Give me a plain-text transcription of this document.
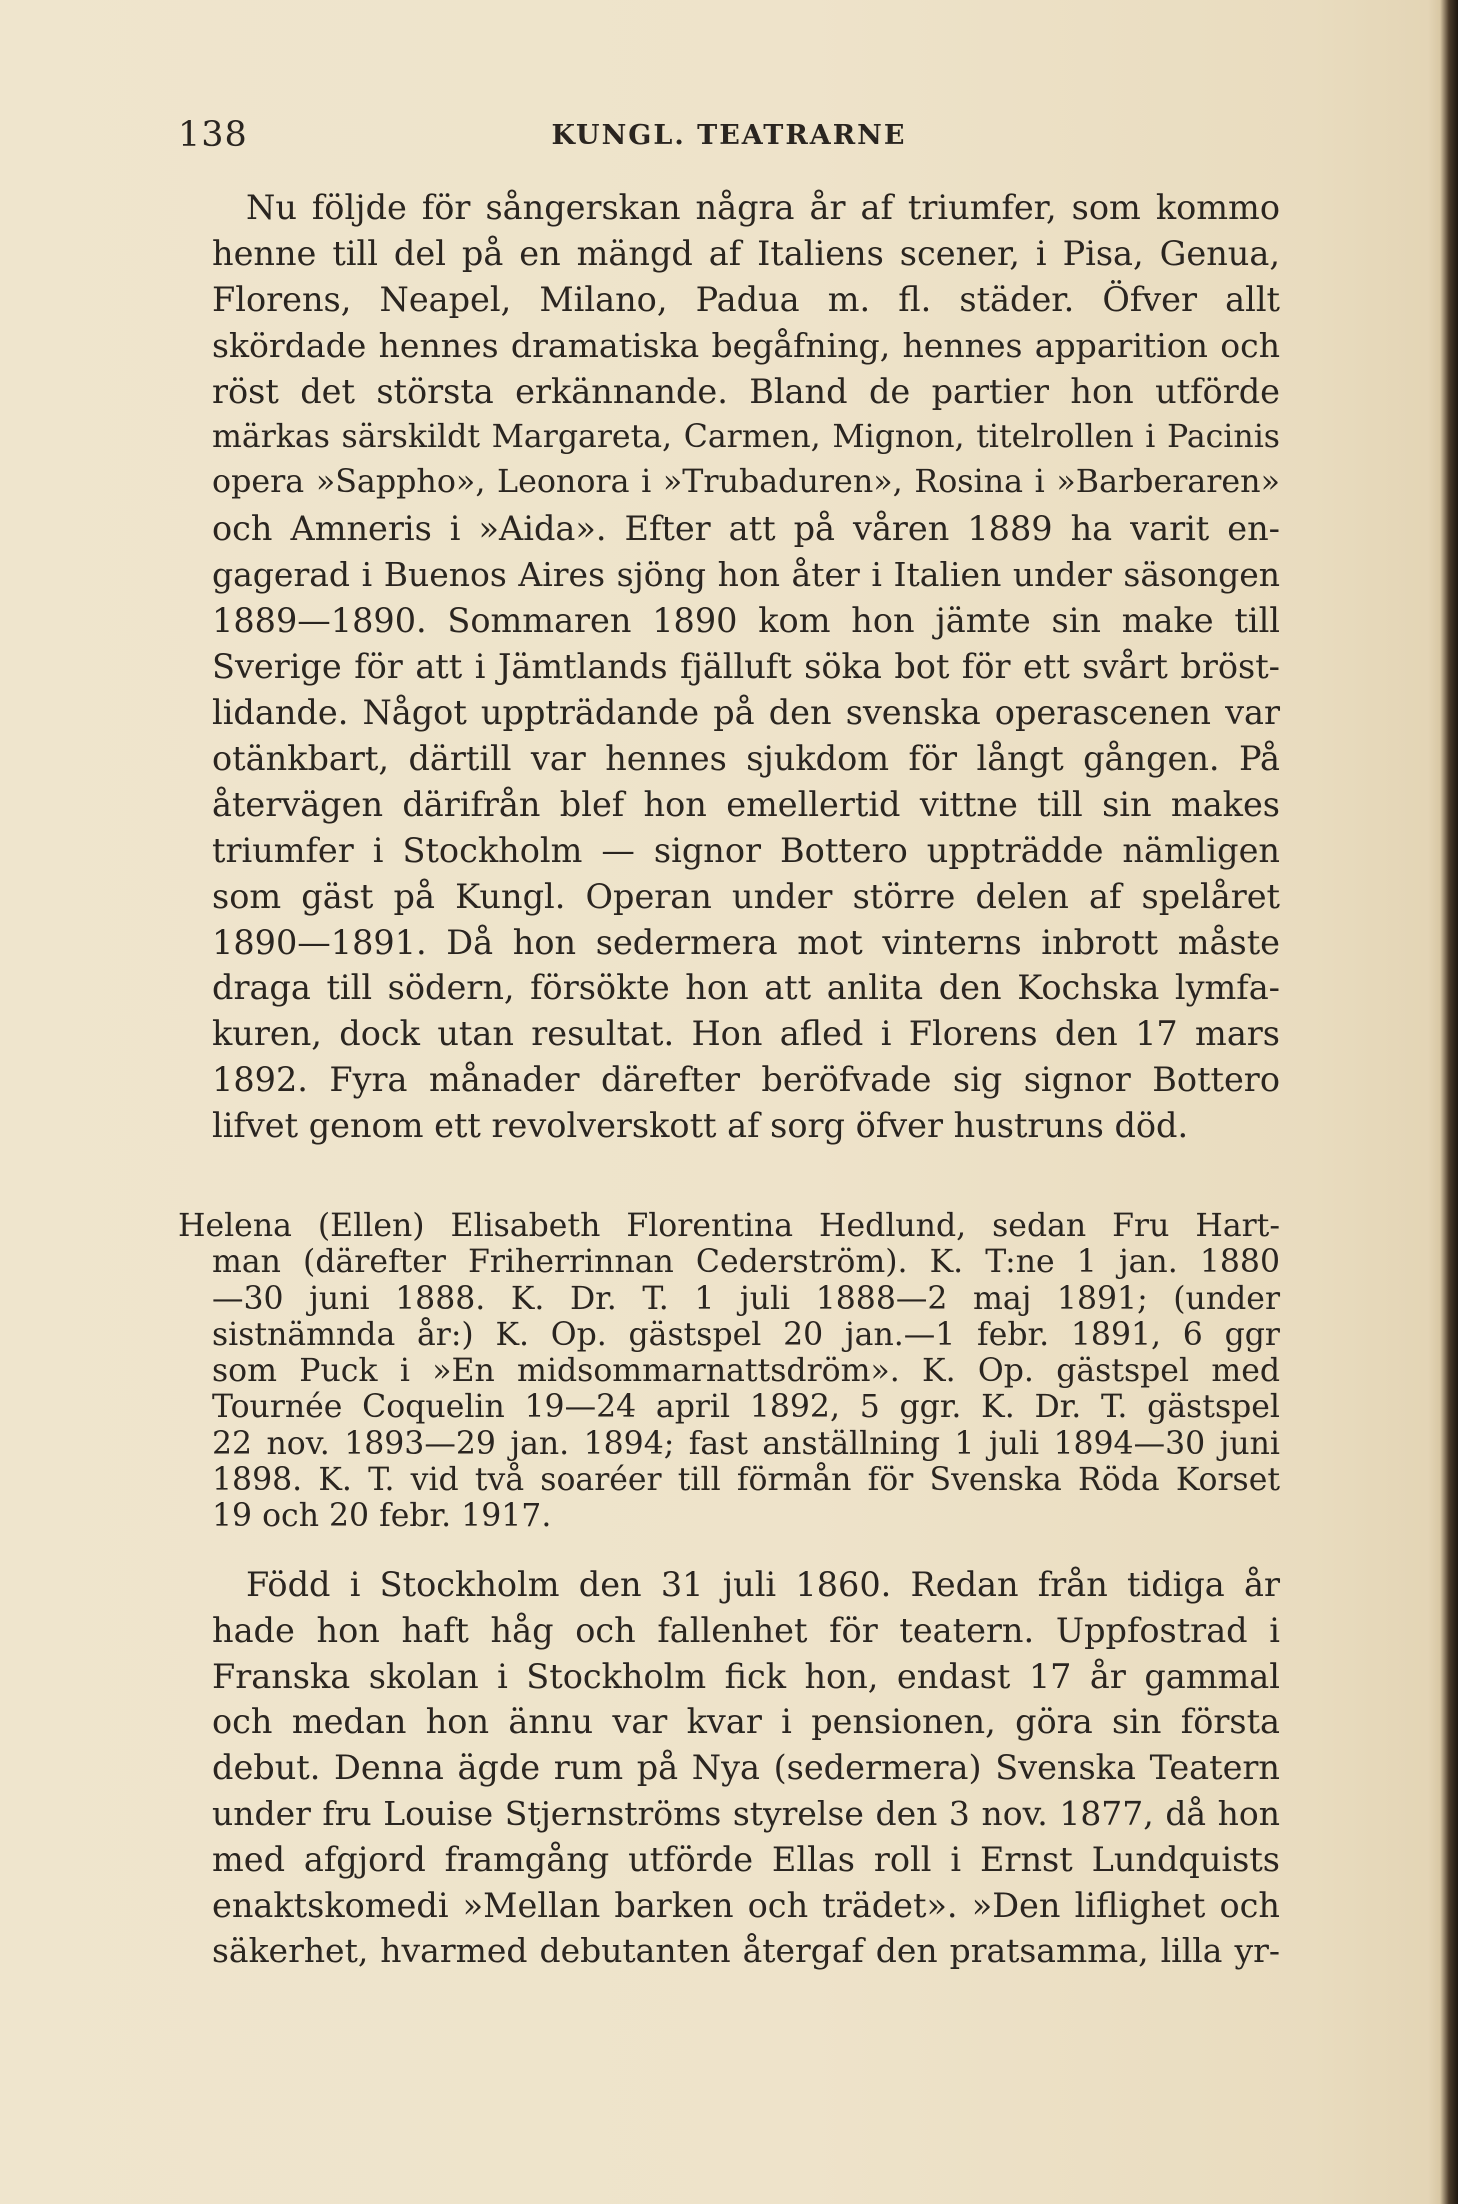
138	KUNGL. TEATRARNE
Nu följde för sångerskan några år af triumfer, som kommo
henne till del på en mängd af Italiens scener, i Pisa, Genua,
Florens, Neapel, Milano, Padua m. fl. städer. Öfver allt
skördade hennes dramatiska begåfning, hennes apparition och
röst det största erkännande. Bland de partier hon utförde
märkas särskildt Margareta, Carmen, Mignon, titelrollen i Pacinis
opera »Sappho», Leonora i »Trubaduren», Rosina i »Barberaren»
och Amneris i »Aida». Efter att på våren 1889 ha varit en-
gagerad i Buenos Aires sjöng hon åter i Italien under säsongen
1889—1890. Sommaren 1890 kom hon jämte sin make till
Sverige för att i Jämtlands fjälluft söka bot för ett svårt bröst-
lidande. Något uppträdande på den svenska operascenen var
otänkbart, därtill var hennes sjukdom för långt gången. På
återvägen därifrån blef hon emellertid vittne till sin makes
triumfer i Stockholm — signor Bottero uppträdde nämligen
som gäst på Kungl. Operan under större delen af spelåret
1890—1891. Då hon sedermera mot vinterns inbrott måste
draga till södern, försökte hon att anlita den Kochska lymfa-
kuren, dock utan resultat. Hon afled i Florens den 17 mars
1892. Fyra månader därefter beröfvade sig signor Bottero
lifvet genom ett revolverskott af sorg öfver hustruns död.
Helena (Ellen) Elisabeth Florentina Hedlund, sedan Fru Hart-
man (därefter Friherrinnan Cederström). K. T:ne 1 jan. 1880
—30 juni 1888. K. Dr. T. 1 juli 1888—2 maj 1891; (under
sistnämnda år:) K. Op. gästspel 20 jan.—1 febr. 1891, 6 ggr
som Puck i »En midsommarnattsdröm». K. Op. gästspel med
Tournée Coquelin 19—24 april 1892, 5 ggr. K. Dr. T. gästspel
22 nov. 1893—29 jan. 1894; fast anställning 1 juli 1894—30 juni
1898. K. T. vid två soaréer till förmån för Svenska Röda Korset
19 och 20 febr. 1917.
Född i Stockholm den 31 juli 1860. Redan från tidiga år
hade hon haft håg och fallenhet för teatern. Uppfostrad i
Franska skolan i Stockholm fick hon, endast 17 år gammal
och medan hon ännu var kvar i pensionen, göra sin första
debut. Denna ägde rum på Nya (sedermera) Svenska Teatern
under fru Louise Stjernströms styrelse den 3 nov. 1877, då hon
med afgjord framgång utförde Ellas roll i Ernst Lundquists
enaktskomedi »Mellan barken och trädet». »Den liflighet och
säkerhet, hvarmed debutanten återgaf den pratsamma, lilla yr-
